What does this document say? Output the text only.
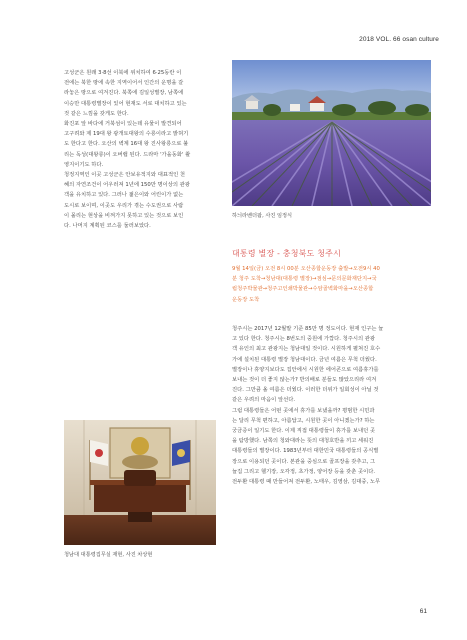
2018 VOL. 66 osan culture

고성군은 원래 3·8선 이북에 위치하여 6·25동란 이

전에는 북한 땅에 속한 지역이어서 인간의 운명을 갈

라놓은 땅으로 여겨진다. 북쪽에 김일성별장, 남쪽에

이승만 대통령별장이 있어 현재도 서로 대치하고 있는

것 같은 느낌을 갖게도 한다.

화진포 앞 바다에 거북섬이 있는데 유물이 발견되어

고구려와 제 19대 왕 광개토대왕의 수릉이라고 밝혀기

도 한다고 한다. 오산의 벽계 16대 왕 진사왕릉으로 불

리는 독성(대왕릉)이 오버랩 된다. 드라마 '가을동화' 촬

영지이기도 하다.

청정지역인 이곳 고성군은 안보유적지와 대표적인 천

혜의 자연조건이 어우러져 1년에 150만 명이상의 관광

객을 유치하고 있다. 그러나 젊은이와 어린이가 없는

도시로 보이며, 이곳도 우리가 겪는 수도권으로 사람

이 몰리는 현상을 비껴가지 못하고 있는 것으로 보인

다. 나머지 계획된 코스를 둘러보았다.

하늬라벤더팜, 사진 임정식
대통령 별장 - 충청북도 청주시

9월 14일(금) 오전 8시 00분 오산종합운동장 출발→오전9시 40

분 청주 도착→청남대(대통령 별장)→점심→문의문화재단지→국

립청주박물관→청주고인쇄박물관→수암골벽화마을→오산종합

운동장 도착

청주시는 2017년 12월말 기준 85만 명 정도이다. 현재 인구는 늘

고 있다 한다. 청주시는 8번도의 중원에 가깝다. 청주시의 관광

객 유인의 최고 관광지는 청남대일 것이다. 시원하게 펼쳐진 호수

가에 설치된 대통령 별장 청남대이다. 금년 여름은 무척 더웠다.

별장이나 휴양지보다도 집안에서 시원한 에어콘으로 여름휴가를

보내는 것이 더 좋지 않는가? 반의배로 분들도 많았으리라 여겨

진다. 그만큼 올 여름은 더웠다. 이러한 더위가 일회성이 아닐 것

같은 우려의 마음이 앞선다.

그럼 대통령들은 어떤 곳에서 휴가를 보냈을까? 평범한 시민과

는 달리 무척 편하고, 아름답고, 시원한 곳이 아니겠는가? 하는

궁금증이 일기도 한다. 이제 직접 대통령들이 휴가를 보내던 곳

을 탐방했다. 남쪽의 청와대라는 뜻의 대청호반을 끼고 세워진

대통령들의 별장이다. 1983년부터 대한민국 대통령들의 공식별

장으로 이용되던 곳이다. 본관을 중심으로 골프장을 갖추고, 그

늘집 그리고 헬기장, 오각정, 초가정, 양어장 등을 갖춘 곳이다.

전두환 대통령 때 만들어져 전두환, 노태우, 김영삼, 김대중, 노무

청남대 대통령집무실 재현, 사진 차상현
61
